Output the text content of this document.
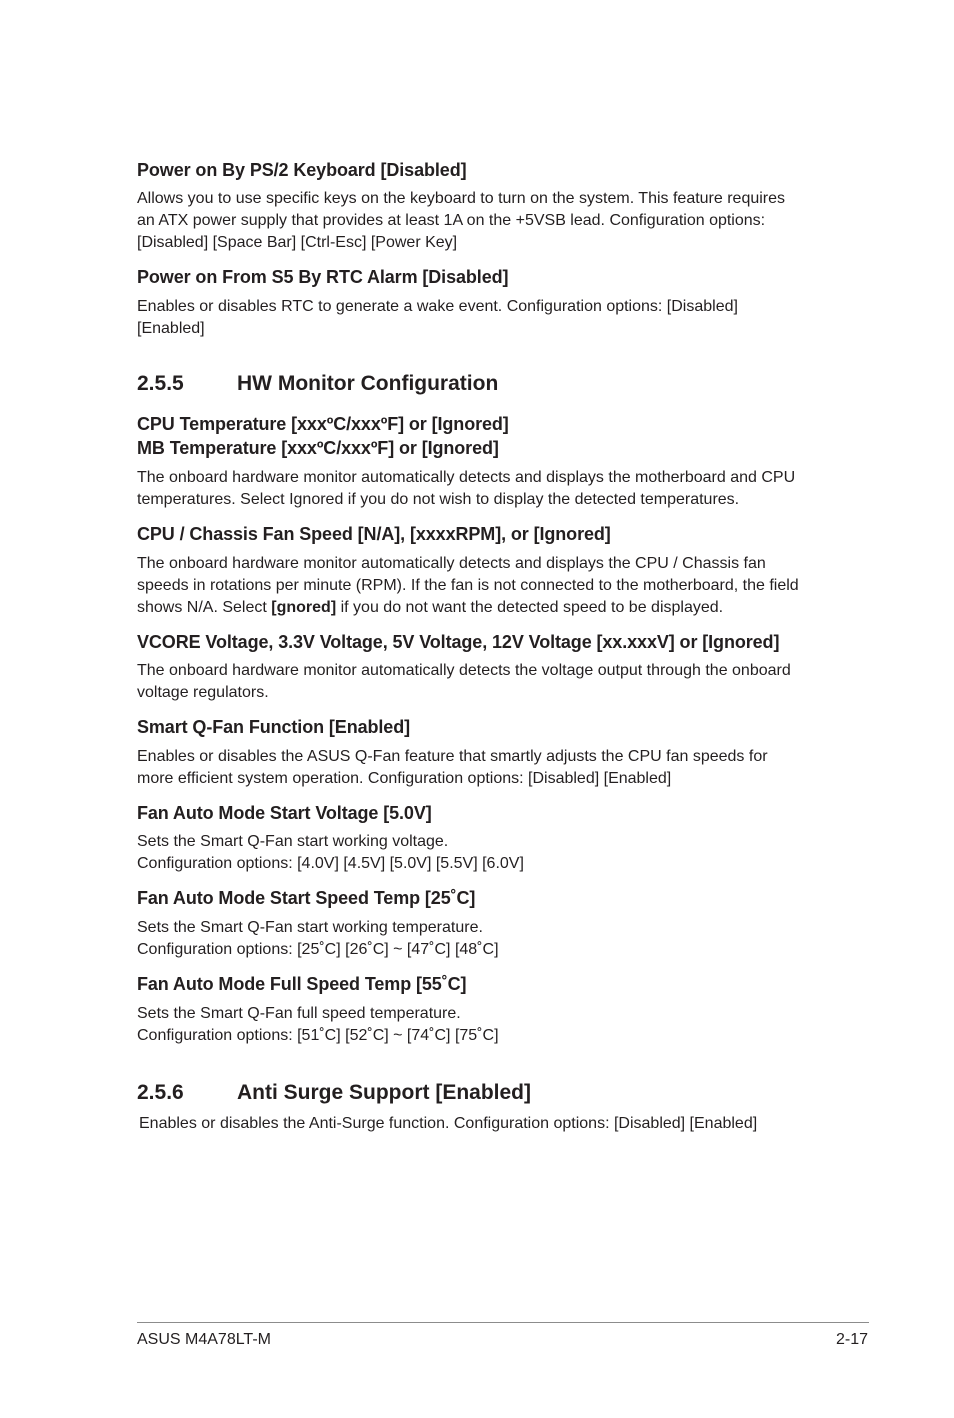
Power on By PS/2 Keyboard [Disabled]
Allows you to use specific keys on the keyboard to turn on the system. This feature requires
an ATX power supply that provides at least 1A on the +5VSB lead. Configuration options:
[Disabled] [Space Bar] [Ctrl-Esc] [Power Key]
Power on From S5 By RTC Alarm [Disabled]
Enables or disables RTC to generate a wake event. Configuration options: [Disabled]
[Enabled]
2.5.5	HW Monitor Configuration
CPU Temperature [xxxºC/xxxºF] or [Ignored]
MB Temperature [xxxºC/xxxºF] or [Ignored]
The onboard hardware monitor automatically detects and displays the motherboard and CPU
temperatures. Select Ignored if you do not wish to display the detected temperatures.
CPU / Chassis Fan Speed [N/A], [xxxxRPM], or [Ignored]
The onboard hardware monitor automatically detects and displays the CPU / Chassis fan
speeds in rotations per minute (RPM). If the fan is not connected to the motherboard, the field
shows N/A. Select [gnored] if you do not want the detected speed to be displayed.
VCORE Voltage, 3.3V Voltage, 5V Voltage, 12V Voltage [xx.xxxV] or [Ignored]
The onboard hardware monitor automatically detects the voltage output through the onboard
voltage regulators.
Smart Q-Fan Function [Enabled]
Enables or disables the ASUS Q-Fan feature that smartly adjusts the CPU fan speeds for
more efficient system operation. Configuration options: [Disabled] [Enabled]
Fan Auto Mode Start Voltage [5.0V]
Sets the Smart Q-Fan start working voltage.
Configuration options: [4.0V] [4.5V] [5.0V] [5.5V] [6.0V]
Fan Auto Mode Start Speed Temp [25˚C]
Sets the Smart Q-Fan start working temperature.
Configuration options: [25˚C] [26˚C] ~ [47˚C] [48˚C]
Fan Auto Mode Full Speed Temp [55˚C]
Sets the Smart Q-Fan full speed temperature.
Configuration options: [51˚C] [52˚C] ~ [74˚C] [75˚C]
2.5.6	Anti Surge Support [Enabled]
Enables or disables the Anti-Surge function. Configuration options: [Disabled] [Enabled]
ASUS M4A78LT-M	2-17
